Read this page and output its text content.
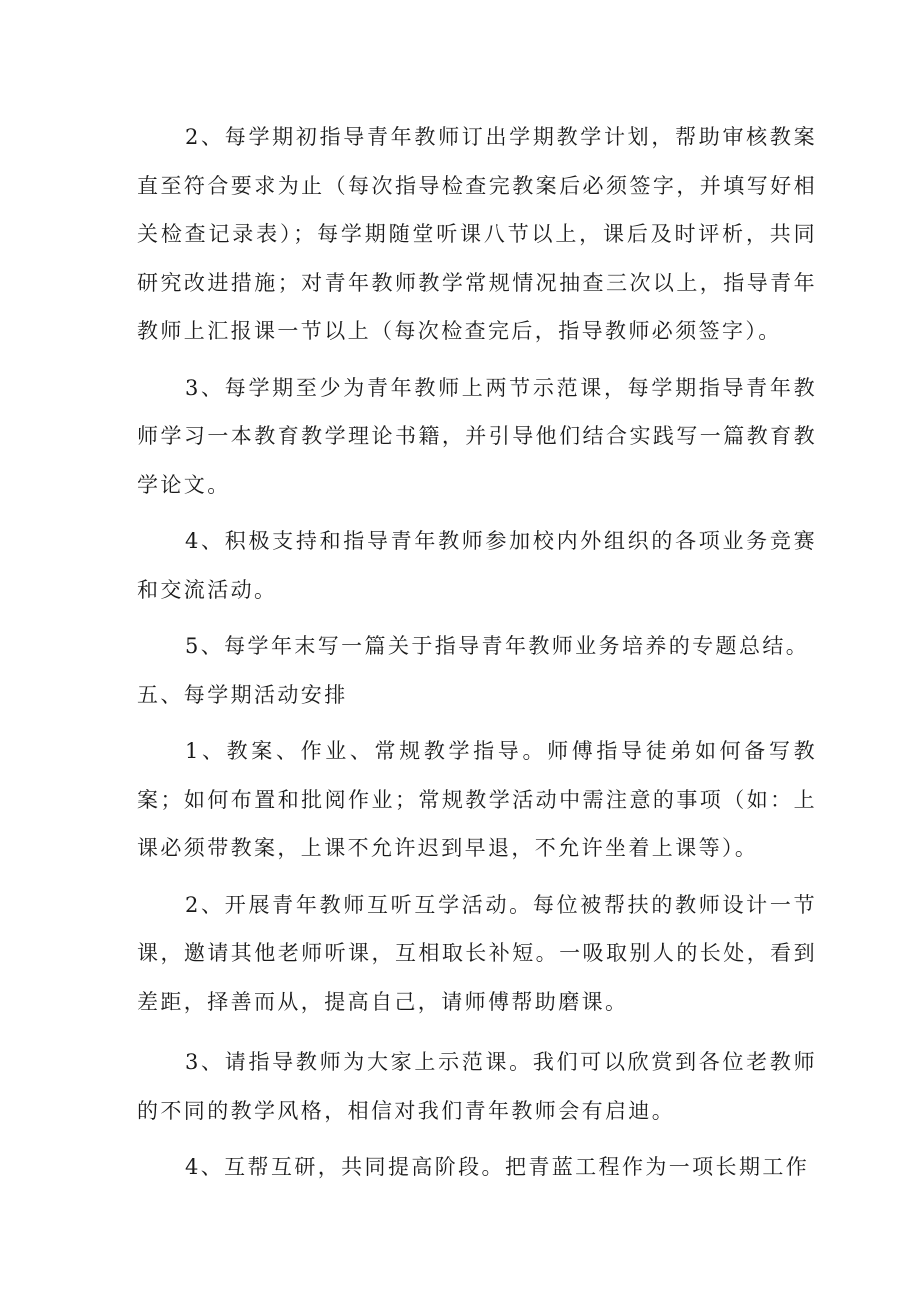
2、每学期初指导青年教师订出学期教学计划，帮助审核教案直至符合要求为止（每次指导检查完教案后必须签字，并填写好相关检查记录表）；每学期随堂听课八节以上，课后及时评析，共同研究改进措施；对青年教师教学常规情况抽查三次以上，指导青年教师上汇报课一节以上（每次检查完后，指导教师必须签字）。

3、每学期至少为青年教师上两节示范课，每学期指导青年教师学习一本教育教学理论书籍，并引导他们结合实践写一篇教育教学论文。

4、积极支持和指导青年教师参加校内外组织的各项业务竞赛和交流活动。

5、每学年末写一篇关于指导青年教师业务培养的专题总结。

五、每学期活动安排

1、教案、作业、常规教学指导。师傅指导徒弟如何备写教案；如何布置和批阅作业；常规教学活动中需注意的事项（如：上课必须带教案，上课不允许迟到早退，不允许坐着上课等）。

2、开展青年教师互听互学活动。每位被帮扶的教师设计一节课，邀请其他老师听课，互相取长补短。一吸取别人的长处，看到差距，择善而从，提高自己，请师傅帮助磨课。

3、请指导教师为大家上示范课。我们可以欣赏到各位老教师的不同的教学风格，相信对我们青年教师会有启迪。

4、互帮互研，共同提高阶段。把青蓝工程作为一项长期工作
